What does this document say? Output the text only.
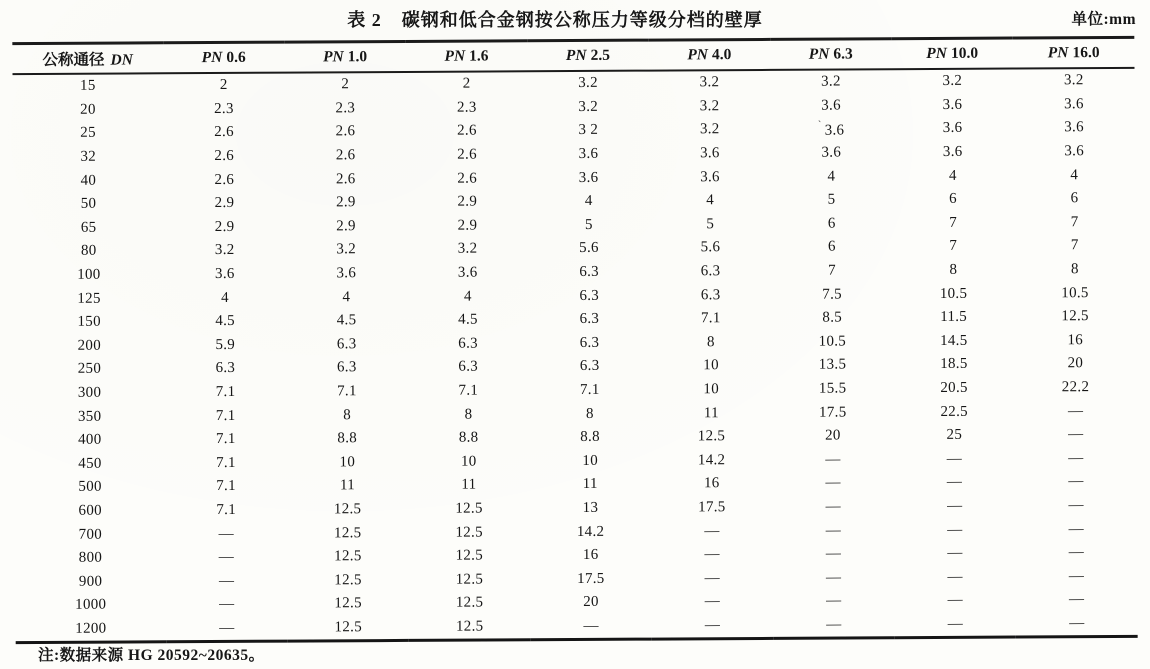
表 2 碳钢和低合金钢按公称压力等级分档的壁厚	单位:mm
公称通径 DN	PN 0.6	PN 1.0	PN 1.6	PN 2.5	PN 4.0	PN 6.3	PN 10.0	PN 16.0
15	2	2	2	3.2	3.2	3.2	3.2	3.2
20	2.3	2.3	2.3	3.2	3.2	3.6	3.6	3.6
25	2.6	2.6	2.6	3 2	3.2	` 3.6	3.6	3.6
32	2.6	2.6	2.6	3.6	3.6	3.6	3.6	3.6
40	2.6	2.6	2.6	3.6	3.6	4	4	4
50	2.9	2.9	2.9	4	4	5	6	6
65	2.9	2.9	2.9	5	5	6	7	7
80	3.2	3.2	3.2	5.6	5.6	6	7	7
100	3.6	3.6	3.6	6.3	6.3	7	8	8
125	4	4	4	6.3	6.3	7.5	10.5	10.5
150	4.5	4.5	4.5	6.3	7.1	8.5	11.5	12.5
200	5.9	6.3	6.3	6.3	8	10.5	14.5	16
250	6.3	6.3	6.3	6.3	10	13.5	18.5	20
300	7.1	7.1	7.1	7.1	10	15.5	20.5	22.2
350	7.1	8	8	8	11	17.5	22.5	—
400	7.1	8.8	8.8	8.8	12.5	20	25	—
450	7.1	10	10	10	14.2	—	—	—
500	7.1	11	11	11	16	—	—	—
600	7.1	12.5	12.5	13	17.5	—	—	—
700	—	12.5	12.5	14.2	—	—	—	—
800	—	12.5	12.5	16	—	—	—	—
900	—	12.5	12.5	17.5	—	—	—	—
1000	—	12.5	12.5	20	—	—	—	—
1200	—	12.5	12.5	—	—	—	—	—
注:数据来源 HG 20592~20635。
